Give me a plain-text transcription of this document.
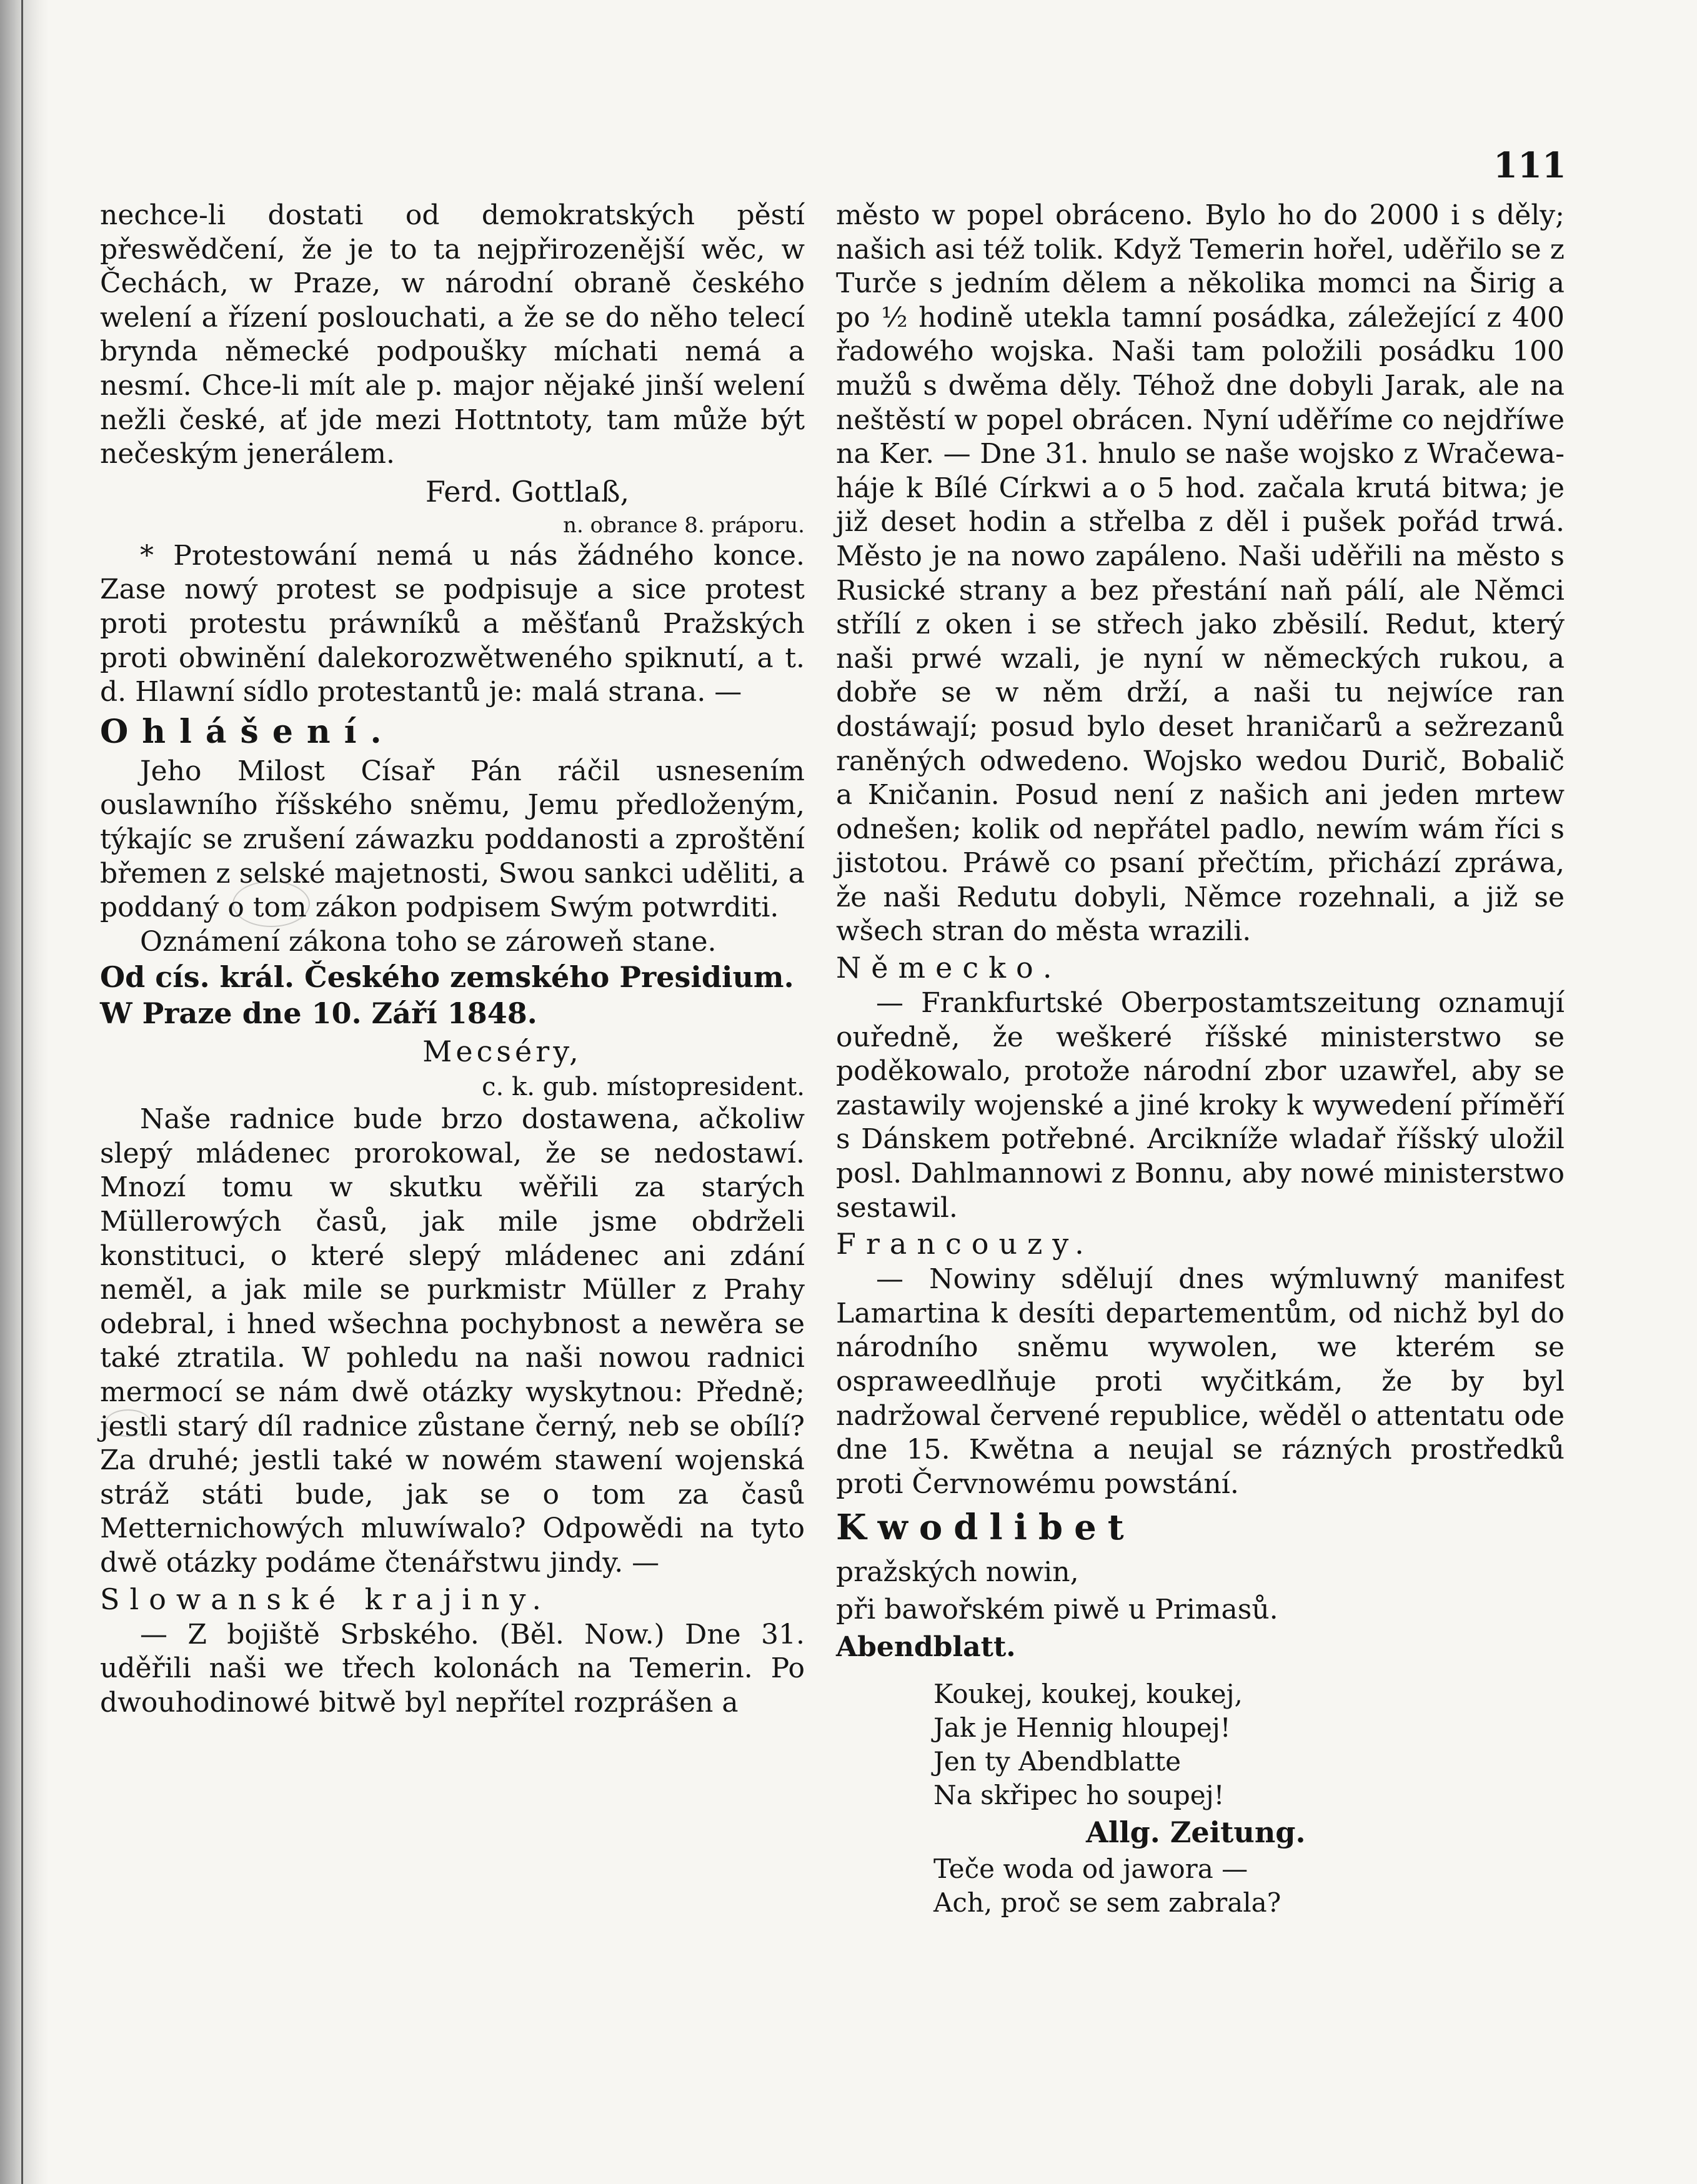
111

nechce-li dostati od demokratských pěstí přeswědčení, že je to ta nejpřirozenější wěc, w Čechách, w Praze, w národní obraně českého welení a řízení poslouchati, a že se do něho telecí brynda německé podpoušky míchati nemá a nesmí. Chce-li mít ale p. major nějaké jinší welení nežli české, ať jde mezi Hottntoty, tam může být nečeským jenerálem.

Ferd. Gottlaß,

n. obrance 8. práporu.

* Protestowání nemá u nás žádného konce. Zase nowý protest se podpisuje a sice protest proti protestu práwníků a měšťanů Pražských proti obwinění dalekorozwětweného spiknutí, a t. d. Hlawní sídlo protestantů je: malá strana. —

Ohlášení.

Jeho Milost Císař Pán ráčil usnesením ouslawního říšského sněmu, Jemu předloženým, týkajíc se zrušení záwazku poddanosti a zproštění břemen z selské majetnosti, Swou sankci uděliti, a poddaný o tom zákon podpisem Swým potwrditi.

Oznámení zákona toho se zároweň stane.

Od cís. král. Českého zemského Presidium.

W Praze dne 10. Září 1848.

Mecséry,

c. k. gub. místopresident.

Naše radnice bude brzo dostawena, ačkoliw slepý mládenec prorokowal, že se nedostawí. Mnozí tomu w skutku wěřili za starých Müllerowých časů, jak mile jsme obdrželi konstituci, o které slepý mládenec ani zdání neměl, a jak mile se purkmistr Müller z Prahy odebral, i hned wšechna pochybnost a newěra se také ztratila. W pohledu na naši nowou radnici mermocí se nám dwě otázky wyskytnou: Předně; jestli starý díl radnice zůstane černý, neb se obílí? Za druhé; jestli také w nowém stawení wojenská stráž státi bude, jak se o tom za časů Metternichowých mluwíwalo? Odpowědi na tyto dwě otázky podáme čtenářstwu jindy. —

Slowanské krajiny.

— Z bojiště Srbského. (Běl. Now.) Dne 31. uděřili naši we třech kolonách na Temerin. Po dwouhodinowé bitwě byl nepřítel rozprášen a

město w popel obráceno. Bylo ho do 2000 i s děly; našich asi též tolik. Když Temerin hořel, uděřilo se z Turče s jedním dělem a několika momci na Širig a po ½ hodině utekla tamní posádka, záležející z 400 řadowého wojska. Naši tam položili posádku 100 mužů s dwěma děly. Téhož dne dobyli Jarak, ale na neštěstí w popel obrácen. Nyní uděříme co nejdříwe na Ker. — Dne 31. hnulo se naše wojsko z Wračewa-háje k Bílé Církwi a o 5 hod. začala krutá bitwa; je již deset hodin a střelba z děl i pušek pořád trwá. Město je na nowo zapáleno. Naši uděřili na město s Rusické strany a bez přestání naň pálí, ale Němci střílí z oken i se střech jako zběsilí. Redut, který naši prwé wzali, je nyní w německých rukou, a dobře se w něm drží, a naši tu nejwíce ran dostáwají; posud bylo deset hraničarů a sežrezanů raněných odwedeno. Wojsko wedou Durič, Bobalič a Kničanin. Posud není z našich ani jeden mrtew odnešen; kolik od nepřátel padlo, newím wám říci s jistotou. Práwě co psaní přečtím, přichází zpráwa, že naši Redutu dobyli, Němce rozehnali, a již se wšech stran do města wrazili.

Německo.

— Frankfurtské Oberpostamtszeitung oznamují ouředně, že weškeré říšské ministerstwo se poděkowalo, protože národní zbor uzawřel, aby se zastawily wojenské a jiné kroky k wywedení příměří s Dánskem potřebné. Arcikníže wladař říšský uložil posl. Dahlmannowi z Bonnu, aby nowé ministerstwo sestawil.

Francouzy.

— Nowiny sdělují dnes wýmluwný manifest Lamartina k desíti departementům, od nichž byl do národního sněmu wywolen, we kterém se ospraweedlňuje proti wyčitkám, že by byl nadržowal červené republice, wěděl o attentatu ode dne 15. Kwětna a neujal se rázných prostředků proti Červnowému powstání.

Kwodlibet

pražských nowin,

při bawořském piwě u Primasů.

Abendblatt.

Koukej, koukej, koukej,

Jak je Hennig hloupej!

Jen ty Abendblatte

Na skřipec ho soupej!

Allg. Zeitung.

Teče woda od jawora —

Ach, proč se sem zabrala?
